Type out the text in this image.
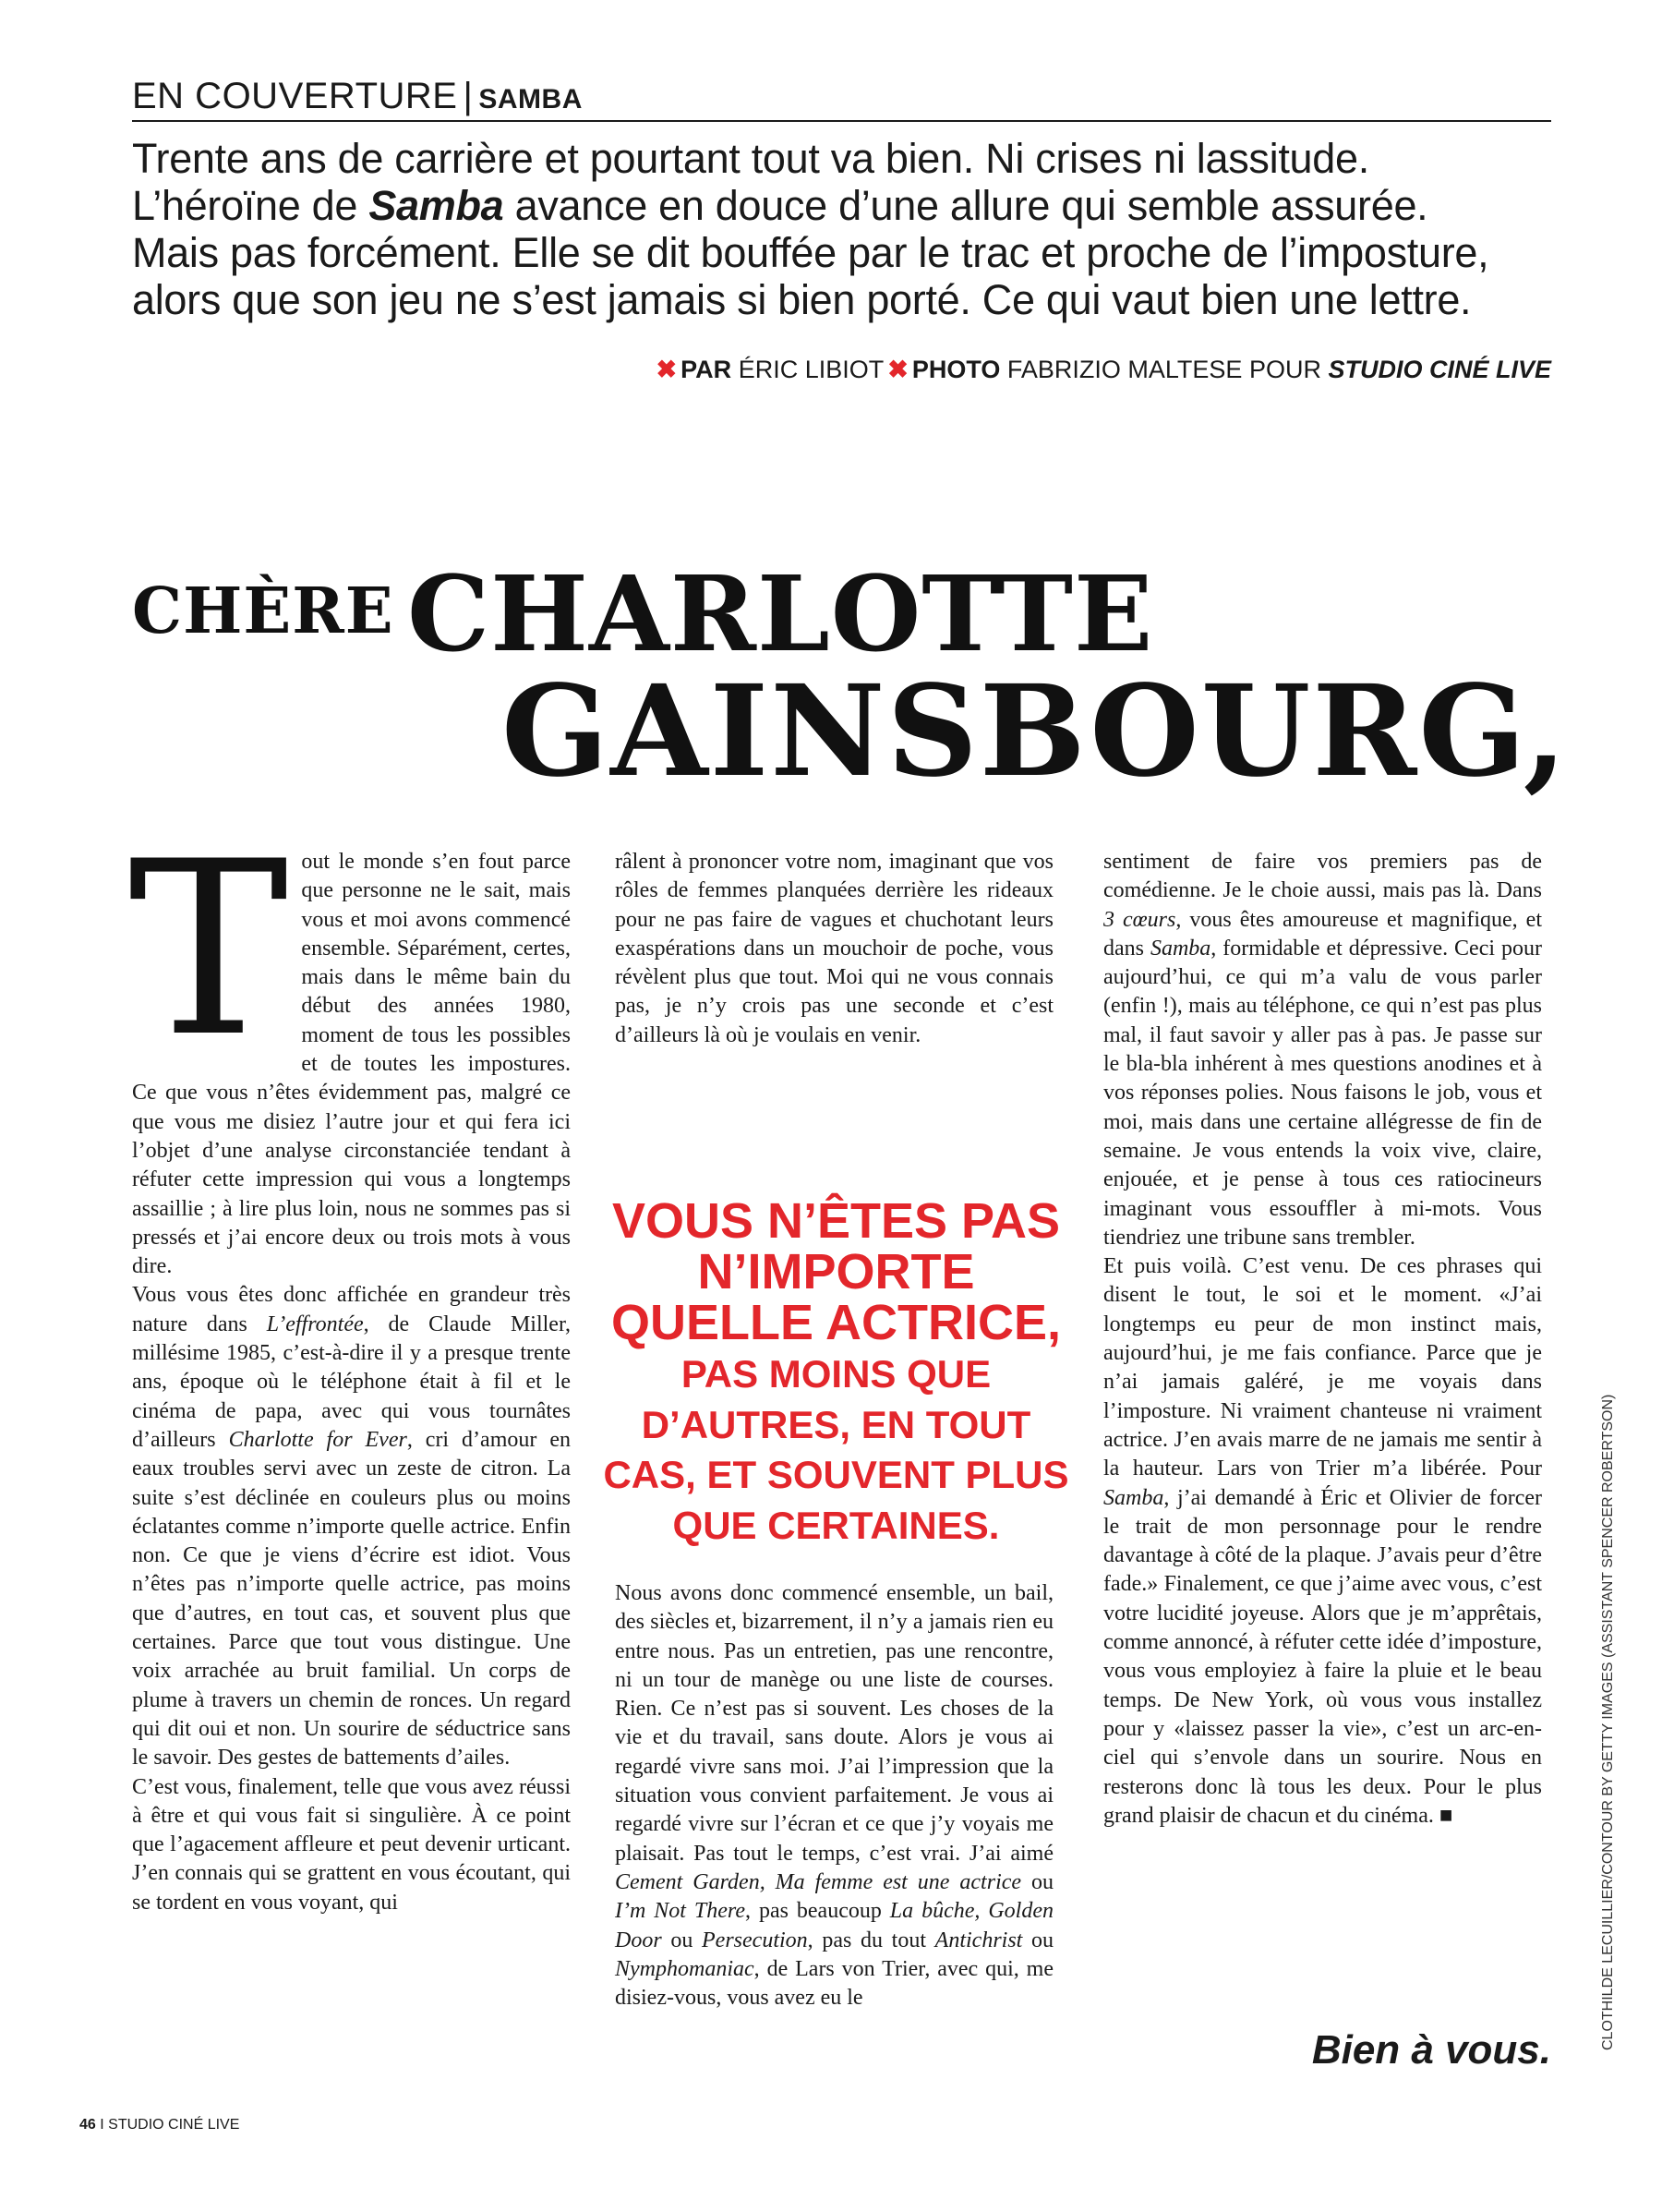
EN COUVERTURE | SAMBA
Trente ans de carrière et pourtant tout va bien. Ni crises ni lassitude.
L’héroïne de Samba avance en douce d’une allure qui semble assurée.
Mais pas forcément. Elle se dit bouffée par le trac et proche de l’imposture,
alors que son jeu ne s’est jamais si bien porté. Ce qui vaut bien une lettre.
✖ PAR ÉRIC LIBIOT ✖ PHOTO FABRIZIO MALTESE POUR STUDIO CINÉ LIVE
CHÈRE CHARLOTTE
GAINSBOURG,
T out le monde s’en fout parce que personne ne le sait, mais vous et moi avons commencé ensemble. Séparément, certes, mais dans le même bain du début des années 1980, moment de tous les possibles et de toutes les impostures. Ce que vous n’êtes évidemment pas, malgré ce que vous me disiez l’autre jour et qui fera ici l’objet d’une analyse circonstanciée tendant à réfuter cette impression qui vous a longtemps assaillie ; à lire plus loin, nous ne sommes pas si pressés et j’ai encore deux ou trois mots à vous dire.

Vous vous êtes donc affichée en grandeur très nature dans L’effrontée, de Claude Miller, millésime 1985, c’est-à-dire il y a presque trente ans, époque où le téléphone était à fil et le cinéma de papa, avec qui vous tournâtes d’ailleurs Charlotte for Ever, cri d’amour en eaux troubles servi avec un zeste de citron. La suite s’est déclinée en couleurs plus ou moins éclatantes comme n’importe quelle actrice. Enfin non. Ce que je viens d’écrire est idiot. Vous n’êtes pas n’importe quelle actrice, pas moins que d’autres, en tout cas, et souvent plus que certaines. Parce que tout vous distingue. Une voix arrachée au bruit familial. Un corps de plume à travers un chemin de ronces. Un regard qui dit oui et non. Un sourire de séductrice sans le savoir. Des gestes de battements d’ailes.

C’est vous, finalement, telle que vous avez réussi à être et qui vous fait si singulière. À ce point que l’agacement affleure et peut devenir urticant. J’en connais qui se grattent en vous écoutant, qui se tordent en vous voyant, qui

râlent à prononcer votre nom, imaginant que vos rôles de femmes planquées derrière les rideaux pour ne pas faire de vagues et chuchotant leurs exaspérations dans un mouchoir de poche, vous révèlent plus que tout. Moi qui ne vous connais pas, je n’y crois pas une seconde et c’est d’ailleurs là où je voulais en venir.

VOUS N’ÊTES PAS
N’IMPORTE
QUELLE ACTRICE,
PAS MOINS QUE
D’AUTRES, EN TOUT
CAS, ET SOUVENT PLUS
QUE CERTAINES.

Nous avons donc commencé ensemble, un bail, des siècles et, bizarrement, il n’y a jamais rien eu entre nous. Pas un entretien, pas une rencontre, ni un tour de manège ou une liste de courses. Rien. Ce n’est pas si souvent. Les choses de la vie et du travail, sans doute. Alors je vous ai regardé vivre sans moi. J’ai l’impression que la situation vous convient parfaitement. Je vous ai regardé vivre sur l’écran et ce que j’y voyais me plaisait. Pas tout le temps, c’est vrai. J’ai aimé Cement Garden, Ma femme est une actrice ou I’m Not There, pas beaucoup La bûche, Golden Door ou Persecution, pas du tout Antichrist ou Nymphomaniac, de Lars von Trier, avec qui, me disiez-vous, vous avez eu le

sentiment de faire vos premiers pas de comédienne. Je le choie aussi, mais pas là. Dans 3 cœurs, vous êtes amoureuse et magnifique, et dans Samba, formidable et dépressive. Ceci pour aujourd’hui, ce qui m’a valu de vous parler (enfin !), mais au téléphone, ce qui n’est pas plus mal, il faut savoir y aller pas à pas. Je passe sur le bla-bla inhérent à mes questions anodines et à vos réponses polies. Nous faisons le job, vous et moi, mais dans une certaine allégresse de fin de semaine. Je vous entends la voix vive, claire, enjouée, et je pense à tous ces ratiocineurs imaginant vous essouffler à mi-mots. Vous tiendriez une tribune sans trembler.

Et puis voilà. C’est venu. De ces phrases qui disent le tout, le soi et le moment. «J’ai longtemps eu peur de mon instinct mais, aujourd’hui, je me fais confiance. Parce que je n’ai jamais galéré, je me voyais dans l’imposture. Ni vraiment chanteuse ni vraiment actrice. J’en avais marre de ne jamais me sentir à la hauteur. Lars von Trier m’a libérée. Pour Samba, j’ai demandé à Éric et Olivier de forcer le trait de mon personnage pour le rendre davantage à côté de la plaque. J’avais peur d’être fade.» Finalement, ce que j’aime avec vous, c’est votre lucidité joyeuse. Alors que je m’apprêtais, comme annoncé, à réfuter cette idée d’imposture, vous vous employiez à faire la pluie et le beau temps. De New York, où vous vous installez pour y «laissez passer la vie», c’est un arc-en-ciel qui s’envole dans un sourire. Nous en resterons donc là tous les deux. Pour le plus grand plaisir de chacun et du cinéma. ■

Bien à vous.	CLOTHILDE LECUILLIER/CONTOUR BY GETTY IMAGES (ASSISTANT SPENCER ROBERTSON)
46 I STUDIO CINÉ LIVE
